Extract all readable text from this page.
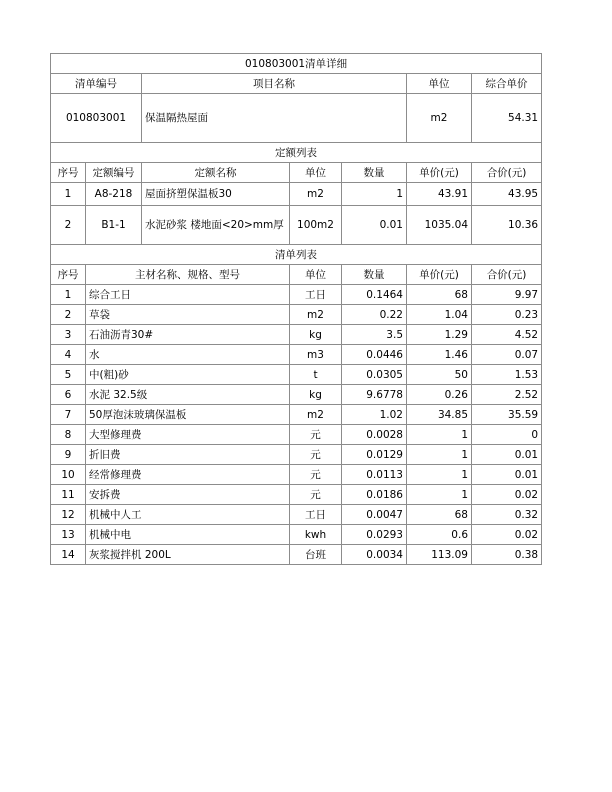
010803001清单详细						
清单编号		项目名称			单位	综合单价
010803001		保温隔热屋面			m2	54.31
定额列表						
序号	定额编号	定额名称	单位	数量	单价(元)	合价(元)
1	A8-218	屋面挤塑保温板30	m2	1	43.91	43.95
2	B1-1	水泥砂浆 楼地面<20>mm厚	100m2	0.01	1035.04	10.36
清单列表						
序号	主材名称、规格、型号		单位	数量	单价(元)	合价(元)
1	综合工日		工日	0.1464	68	9.97
2	草袋		m2	0.22	1.04	0.23
3	石油沥青30#		kg	3.5	1.29	4.52
4	水		m3	0.0446	1.46	0.07
5	中(粗)砂		t	0.0305	50	1.53
6	水泥 32.5级		kg	9.6778	0.26	2.52
7	50厚泡沫玻璃保温板		m2	1.02	34.85	35.59
8	大型修理费		元	0.0028	1	0
9	折旧费		元	0.0129	1	0.01
10	经常修理费		元	0.0113	1	0.01
11	安拆费		元	0.0186	1	0.02
12	机械中人工		工日	0.0047	68	0.32
13	机械中电		kwh	0.0293	0.6	0.02
14	灰浆搅拌机 200L		台班	0.0034	113.09	0.38
